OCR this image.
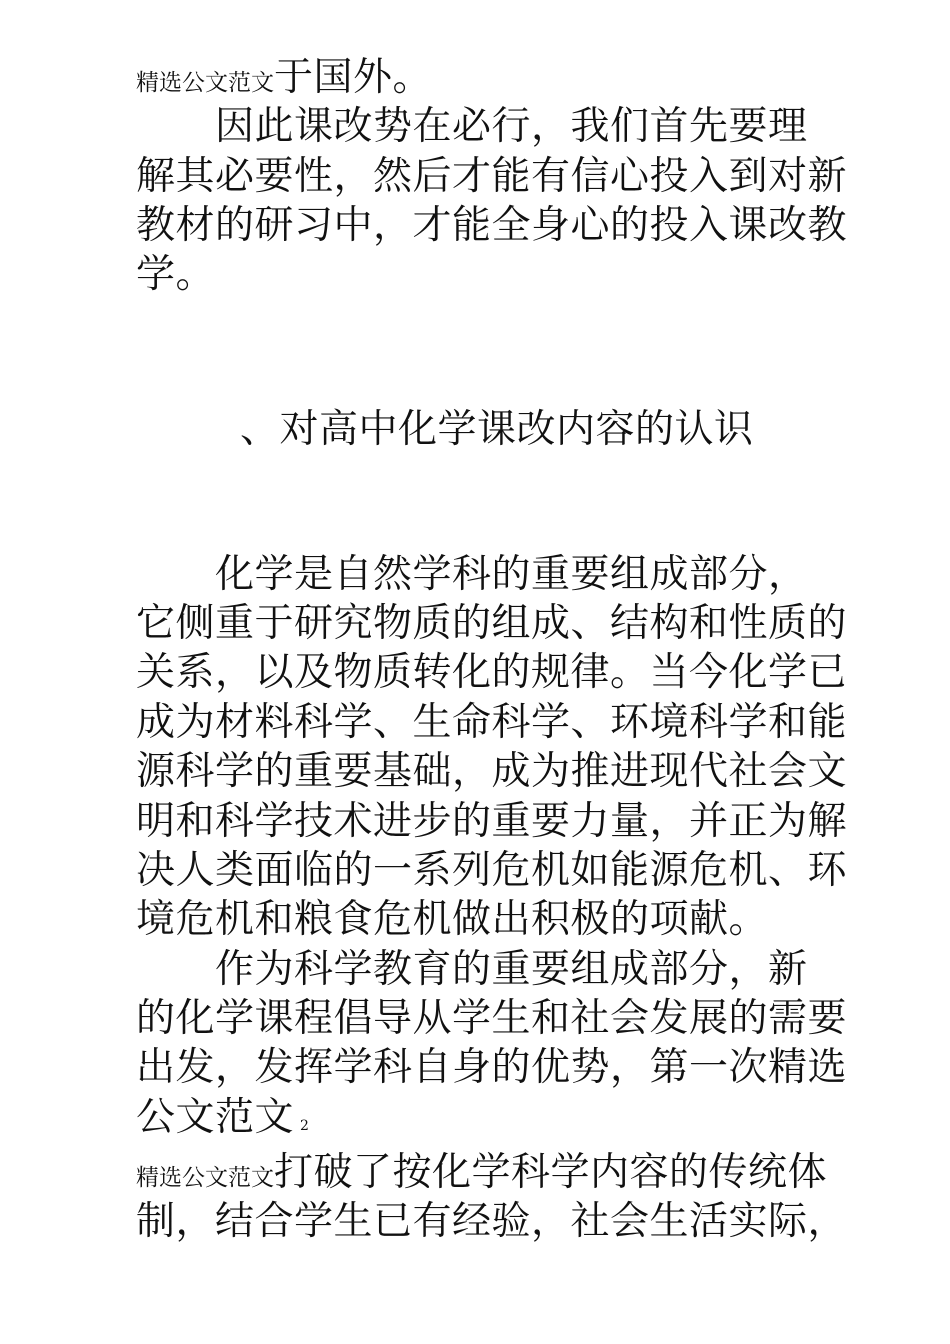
精选公文范文于国外。
　　因此课改势在必行，我们首先要理
解其必要性，然后才能有信心投入到对新
教材的研习中，才能全身心的投入课改教
学。
、对高中化学课改内容的认识
　　化学是自然学科的重要组成部分，
它侧重于研究物质的组成、结构和性质的
关系，以及物质转化的规律。当今化学已
成为材料科学、生命科学、环境科学和能
源科学的重要基础，成为推进现代社会文
明和科学技术进步的重要力量，并正为解
决人类面临的一系列危机如能源危机、环
境危机和粮食危机做出积极的项献。
　　作为科学教育的重要组成部分，新
的化学课程倡导从学生和社会发展的需要
出发，发挥学科自身的优势，第一次精选
公文范文 2
精选公文范文打破了按化学科学内容的传统体
制，结合学生已有经验，社会生活实际，
